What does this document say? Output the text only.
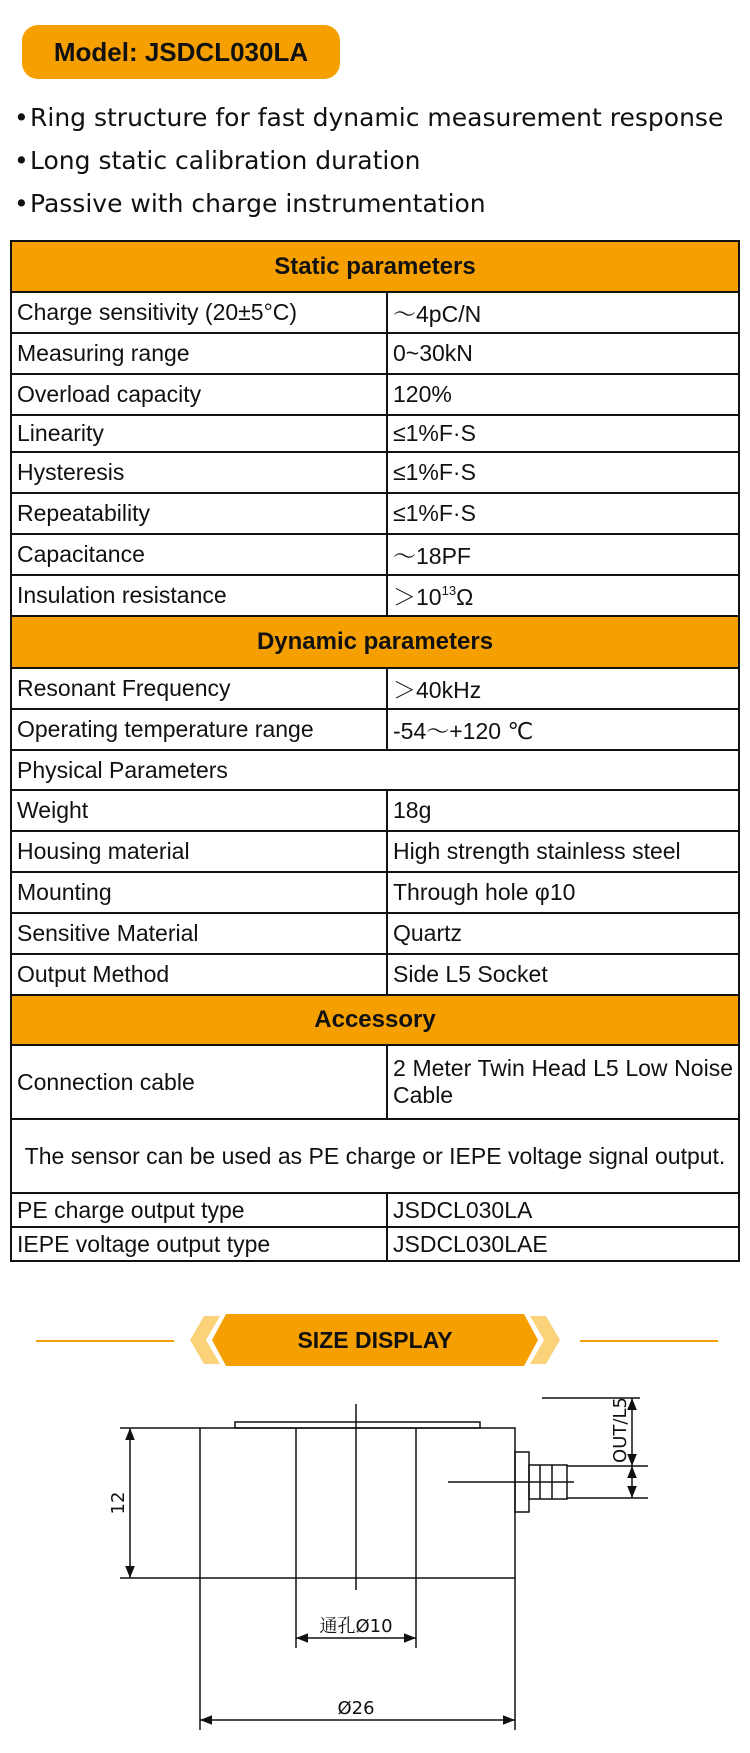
Model: JSDCL030LA
•Ring structure for fast dynamic measurement response
•Long static calibration duration
•Passive with charge instrumentation
Static parameters	
Charge sensitivity (20±5°C)	～4pC/N
Measuring range	0~30kN
Overload capacity	120%
Linearity	≤1%F·S
Hysteresis	≤1%F·S
Repeatability	≤1%F·S
Capacitance	～18PF
Insulation resistance	$>10^{13}\Omega$
Dynamic parameters	
Resonant Frequency	＞40kHz
Operating temperature range	-54～+120 ℃
Physical Parameters	
Weight	18g
Housing material	High strength stainless steel
Mounting	Through hole φ10
Sensitive Material	Quartz
Output Method	Side L5 Socket
Accessory	
Connection cable	2 Meter Twin Head L5 Low Noise Cable
The sensor can be used as PE charge or IEPE voltage signal output.	
PE charge output type	JSDCL030LA
IEPE voltage output type	JSDCL030LAE
SIZE DISPLAY
12
通孔Ø10
Ø26
OUT/L5
